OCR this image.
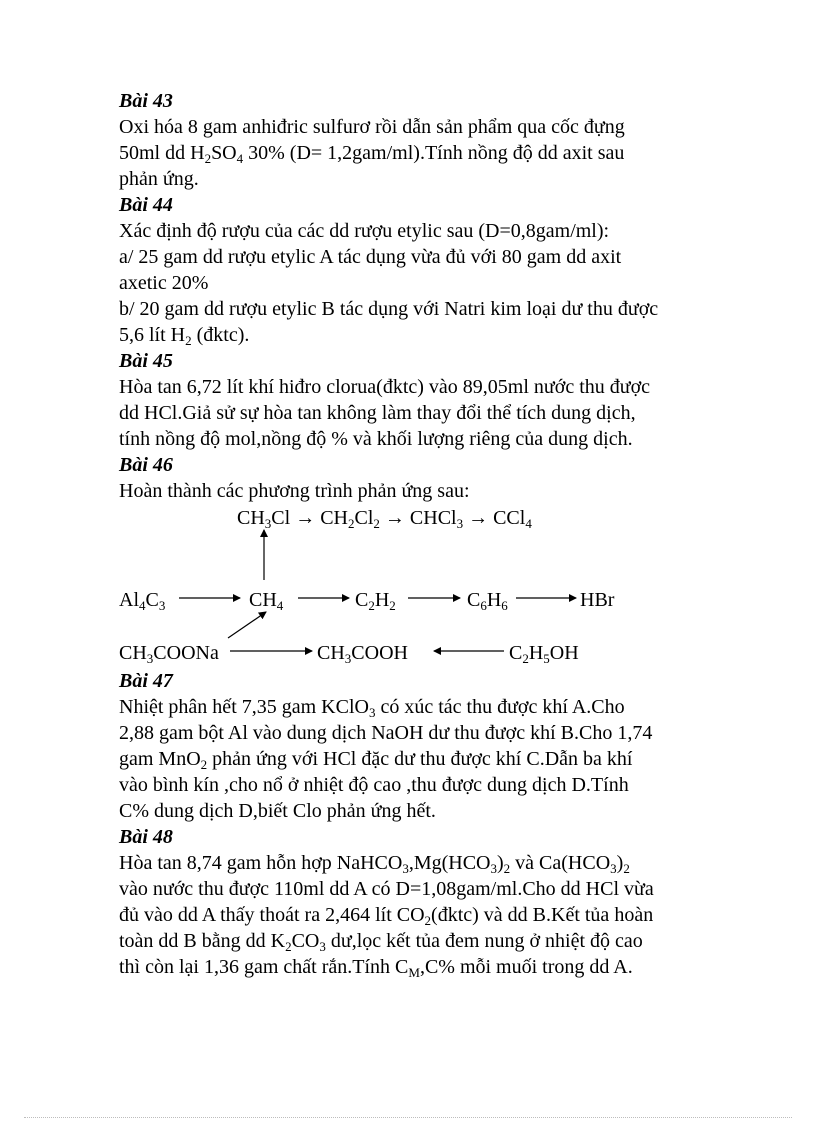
Bài 43
Oxi hóa 8 gam anhiđric sulfurơ rồi dẫn sản phẩm qua cốc đựng
50ml dd $H_2SO_4$ 30% (D= 1,2gam/ml).Tính nồng độ dd axit sau
phản ứng.
Bài 44
Xác định độ rượu của các dd rượu etylic sau (D=0,8gam/ml):
a/ 25 gam dd rượu etylic A tác dụng vừa đủ với 80 gam dd axit
axetic 20%
b/ 20 gam dd rượu etylic B tác dụng với Natri kim loại dư thu được
5,6 lít $H_2$ (đktc).
Bài 45
Hòa tan 6,72 lít khí hiđro clorua(đktc) vào 89,05ml nước thu được
dd HCl.Giả sử sự hòa tan không làm thay đổi thể tích dung dịch,
tính nồng độ mol,nồng độ % và khối lượng riêng của dung dịch.
Bài 46
Hoàn thành các phương trình phản ứng sau:
$CH_3Cl \to CH_2Cl_2$ → CHCl$_3$ → CCl$_4$
$Al_4C_3$	$CH_4$	$C_2H_2$	$C_6H_6$	HBr
$CH_3COONa$	$CH_3COOH$	$C_2H_5OH$
Bài 47
Nhiệt phân hết 7,35 gam KClO$_3$ có xúc tác thu được khí A.Cho
2,88 gam bột Al vào dung dịch NaOH dư thu được khí B.Cho 1,74
gam MnO$_2$ phản ứng với HCl đặc dư thu được khí C.Dẫn ba khí
vào bình kín ,cho nổ ở nhiệt độ cao ,thu được dung dịch D.Tính
C% dung dịch D,biết Clo phản ứng hết.
Bài 48
Hòa tan 8,74 gam hỗn hợp $NaHCO_3,Mg(HCO_3)_2$ và $Ca(HCO_3)_2$
vào nước thu được 110ml dd A có D=1,08gam/ml.Cho dd HCl vừa
đủ vào dd A thấy thoát ra 2,464 lít $CO_2(đktc)$ và dd B.Kết tủa hoàn
toàn dd B bằng dd $K_2CO_3$ dư,lọc kết tủa đem nung ở nhiệt độ cao
thì còn lại 1,36 gam chất rắn.Tính $C_M,C\%$ mỗi muối trong dd A.
